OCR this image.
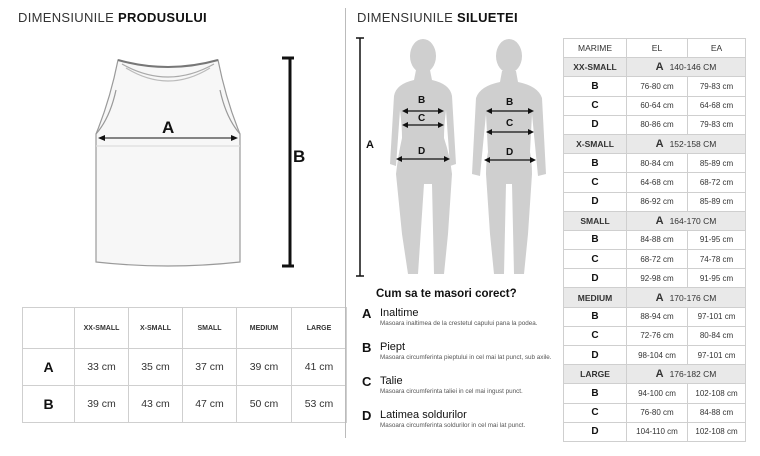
DIMENSIUNILE PRODUSULUI
A
B
	XX-SMALL	X-SMALL	SMALL	MEDIUM	LARGE
A	33 cm	35 cm	37 cm	39 cm	41 cm
B	39 cm	43 cm	47 cm	50 cm	53 cm
DIMENSIUNILE SILUETEI
A
B
C
D
B
C
D
Cum sa te masori corect?
A Inaltime
Masoara inaltimea de la crestetul capului pana la podea.
B Piept
Masoara circumferinta pieptului in cel mai lat punct, sub axile.
C Talie
Masoara circumferinta taliei in cel mai ingust punct.
D Latimea soldurilor
Masoara circumferinta soldurilor in cel mai lat punct.
MARIME	EL	EA
XX-SMALL	A 140-146 CM	
B	76-80 cm	79-83 cm
C	60-64 cm	64-68 cm
D	80-86 cm	79-83 cm
X-SMALL	A 152-158 CM	
B	80-84 cm	85-89 cm
C	64-68 cm	68-72 cm
D	86-92 cm	85-89 cm
SMALL	A 164-170 CM	
B	84-88 cm	91-95 cm
C	68-72 cm	74-78 cm
D	92-98 cm	91-95 cm
MEDIUM	A 170-176 CM	
B	88-94 cm	97-101 cm
C	72-76 cm	80-84 cm
D	98-104 cm	97-101 cm
LARGE	A 176-182 CM	
B	94-100 cm	102-108 cm
C	76-80 cm	84-88 cm
D	104-110 cm	102-108 cm
